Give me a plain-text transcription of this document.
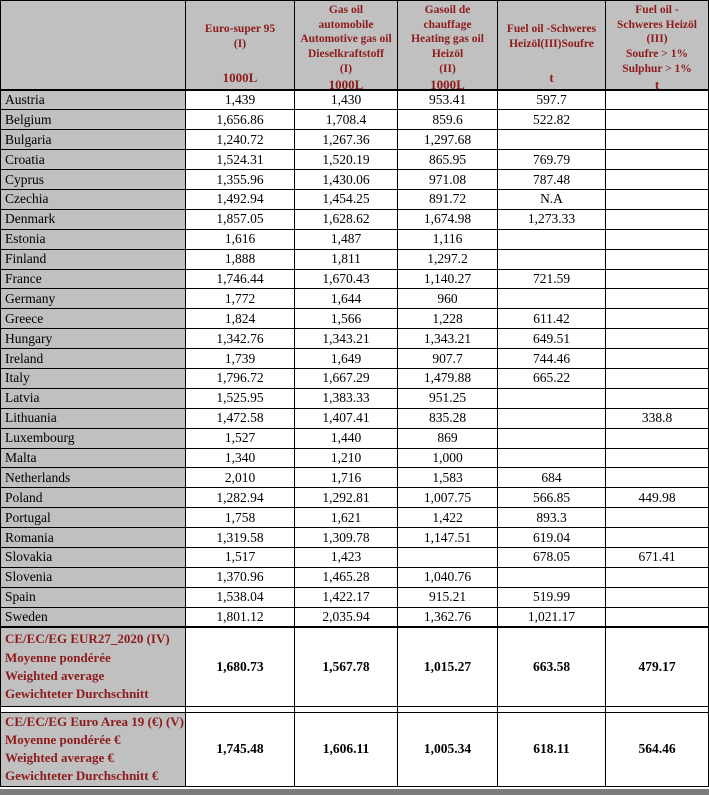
Euro-super 95
(I)
1000L

Gas oil
automobile
Automotive gas oil
Dieselkraftstoff
(I)
1000L

Gasoil de
chauffage
Heating gas oil
Heizöl
(II)
1000L

Fuel oil -Schweres
Heizöl(III)Soufre
t

Fuel oil -
Schweres Heizöl
(III)
Soufre > 1%
Sulphur > 1%
t

Austria	1,439	1,430	953.41	597.7	
Belgium	1,656.86	1,708.4	859.6	522.82	
Bulgaria	1,240.72	1,267.36	1,297.68		
Croatia	1,524.31	1,520.19	865.95	769.79	
Cyprus	1,355.96	1,430.06	971.08	787.48	
Czechia	1,492.94	1,454.25	891.72	N.A	
Denmark	1,857.05	1,628.62	1,674.98	1,273.33	
Estonia	1,616	1,487	1,116		
Finland	1,888	1,811	1,297.2		
France	1,746.44	1,670.43	1,140.27	721.59	
Germany	1,772	1,644	960		
Greece	1,824	1,566	1,228	611.42	
Hungary	1,342.76	1,343.21	1,343.21	649.51	
Ireland	1,739	1,649	907.7	744.46	
Italy	1,796.72	1,667.29	1,479.88	665.22	
Latvia	1,525.95	1,383.33	951.25		
Lithuania	1,472.58	1,407.41	835.28		338.8
Luxembourg	1,527	1,440	869		
Malta	1,340	1,210	1,000		
Netherlands	2,010	1,716	1,583	684	
Poland	1,282.94	1,292.81	1,007.75	566.85	449.98
Portugal	1,758	1,621	1,422	893.3	
Romania	1,319.58	1,309.78	1,147.51	619.04	
Slovakia	1,517	1,423		678.05	671.41
Slovenia	1,370.96	1,465.28	1,040.76		
Spain	1,538.04	1,422.17	915.21	519.99	
Sweden	1,801.12	2,035.94	1,362.76	1,021.17	

CE/EC/EG EUR27_2020 (IV)
Moyenne pondérée
Weighted average
Gewichteter Durchschnitt	1,680.73	1,567.78	1,015.27	663.58	479.17

CE/EC/EG Euro Area 19 (€) (V)
Moyenne pondérée €
Weighted average €
Gewichteter Durchschnitt €	1,745.48	1,606.11	1,005.34	618.11	564.46
